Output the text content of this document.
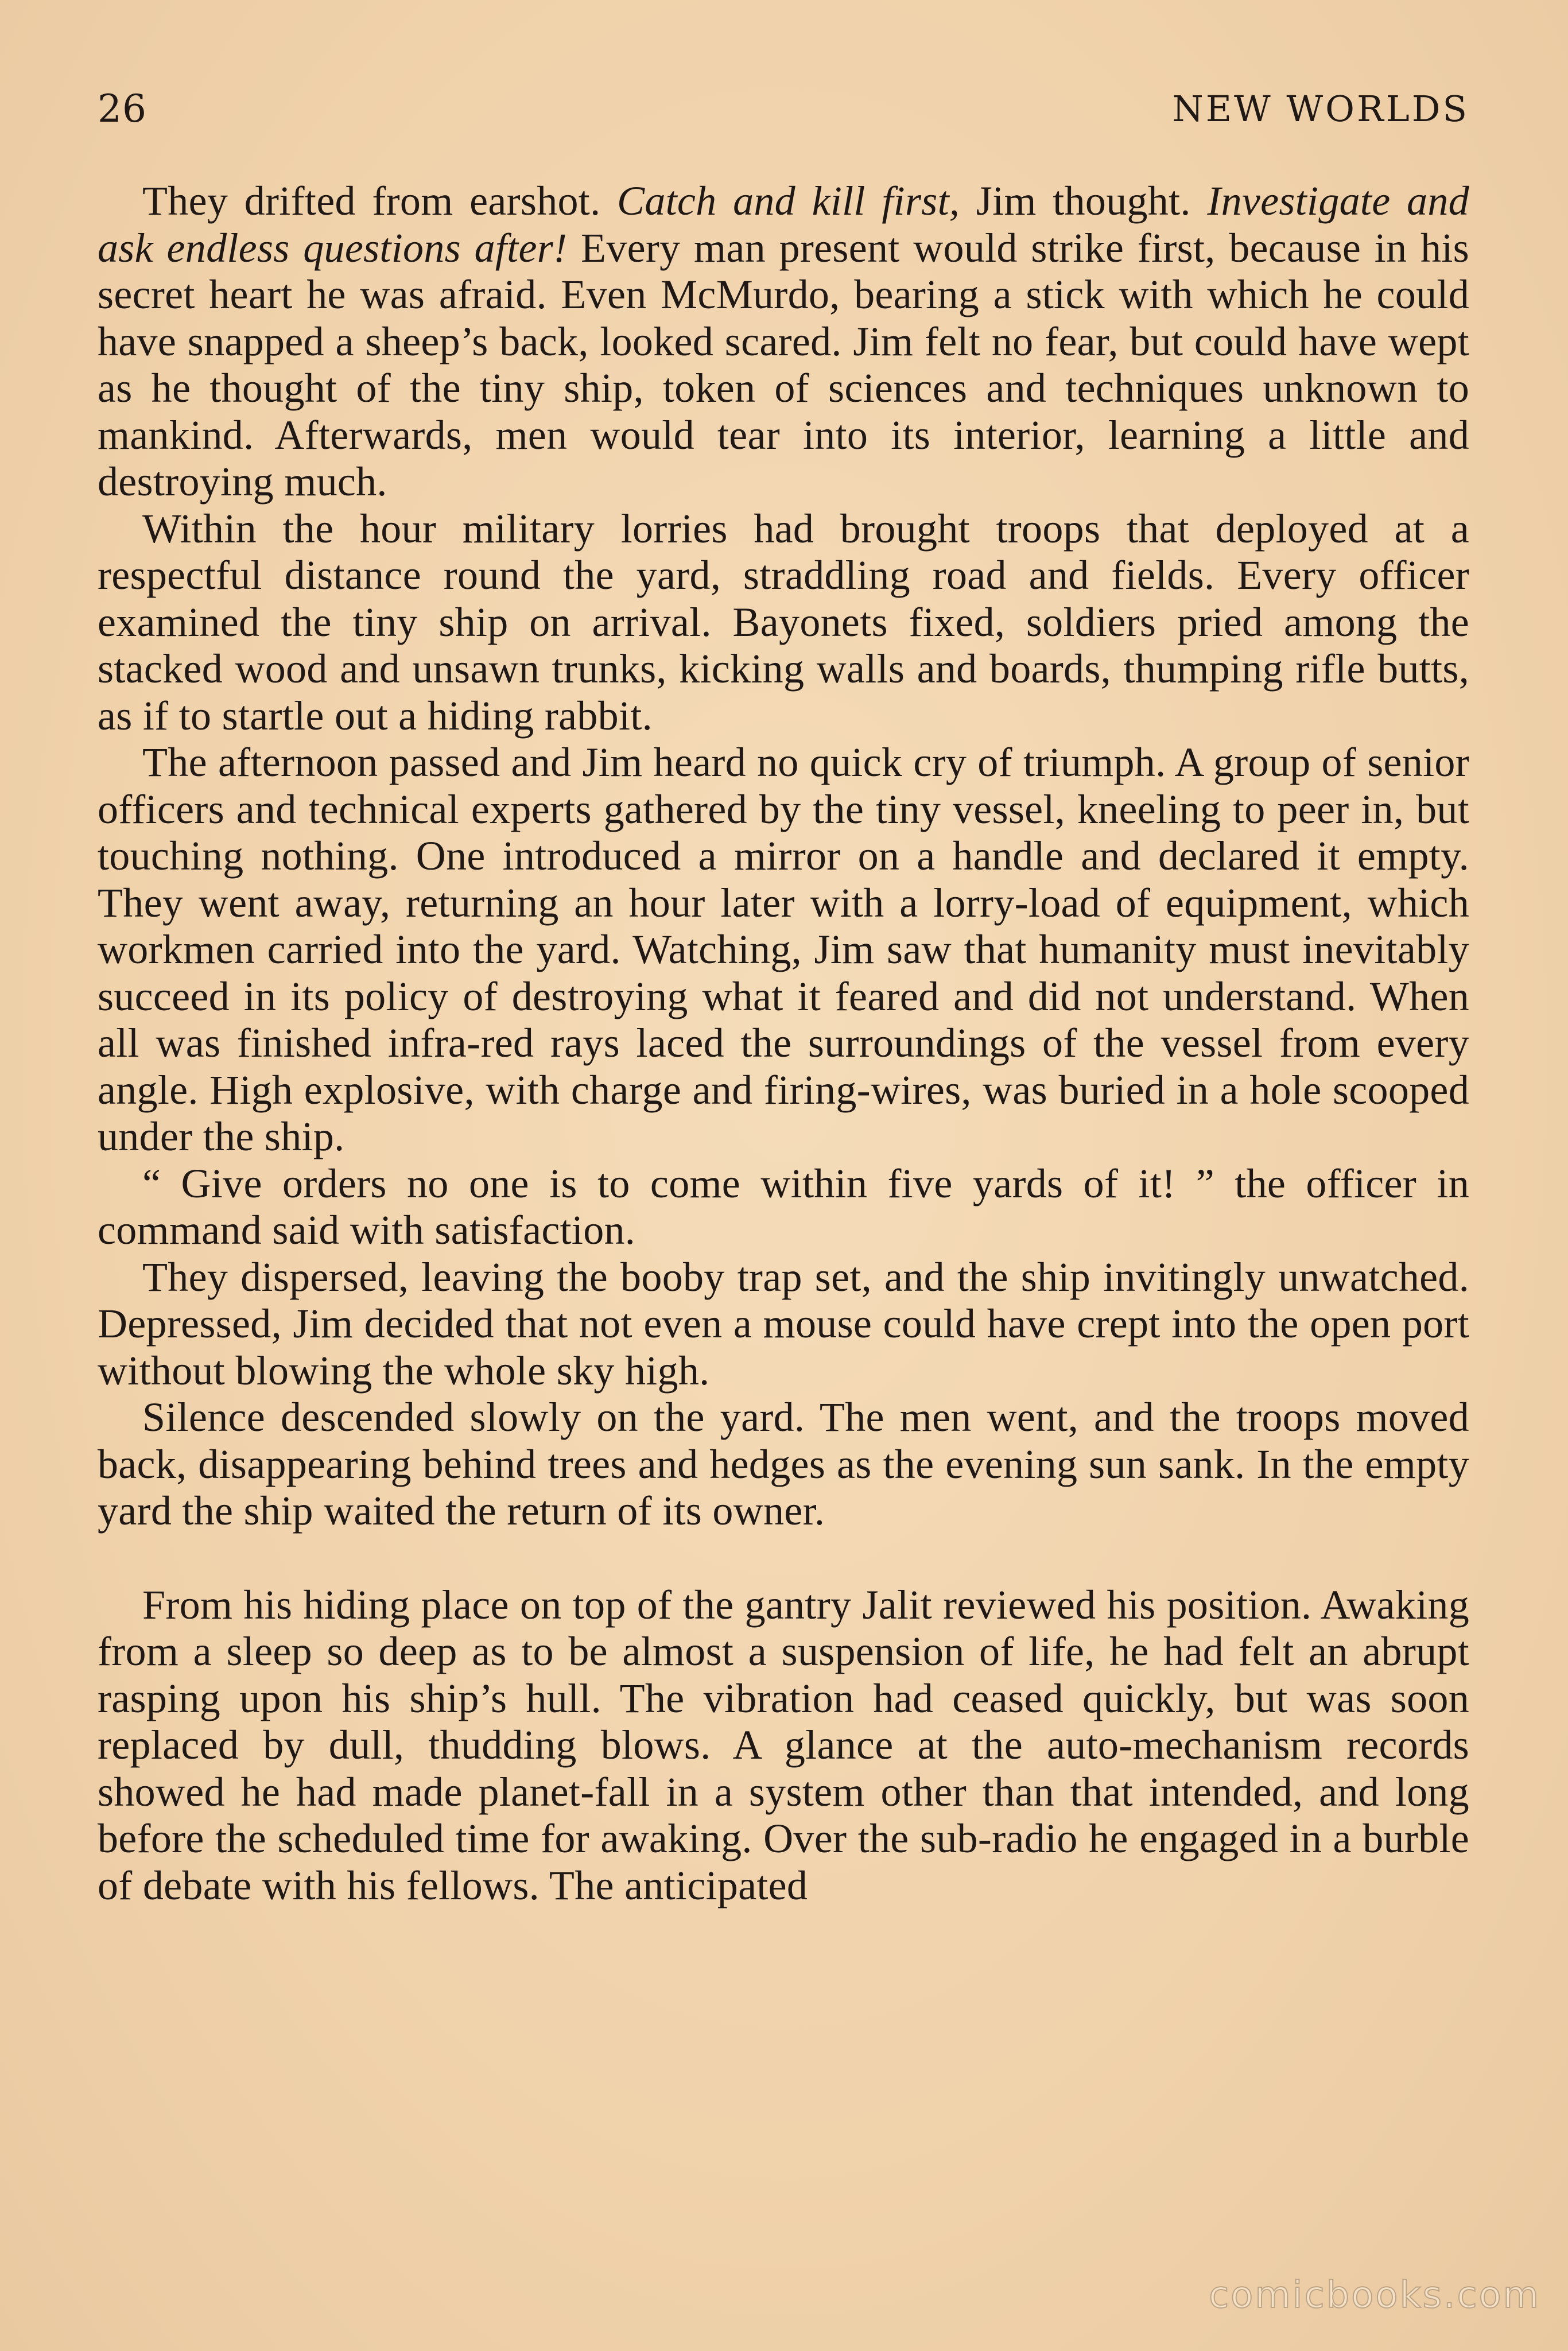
26	NEW WORLDS

They drifted from earshot. Catch and kill first, Jim thought. Investigate and ask endless questions after! Every man present would strike first, because in his secret heart he was afraid. Even McMurdo, bearing a stick with which he could have snapped a sheep’s back, looked scared. Jim felt no fear, but could have wept as he thought of the tiny ship, token of sciences and techniques unknown to mankind. Afterwards, men would tear into its interior, learning a little and destroying much.

Within the hour military lorries had brought troops that deployed at a respectful distance round the yard, straddling road and fields. Every officer examined the tiny ship on arrival. Bayonets fixed, soldiers pried among the stacked wood and unsawn trunks, kicking walls and boards, thumping rifle butts, as if to startle out a hiding rabbit.

The afternoon passed and Jim heard no quick cry of triumph. A group of senior officers and technical experts gathered by the tiny vessel, kneeling to peer in, but touching nothing. One introduced a mirror on a handle and declared it empty. They went away, returning an hour later with a lorry-load of equipment, which workmen carried into the yard. Watching, Jim saw that humanity must inevitably succeed in its policy of destroying what it feared and did not understand. When all was finished infra-red rays laced the surroundings of the vessel from every angle. High explosive, with charge and firing-wires, was buried in a hole scooped under the ship.

“ Give orders no one is to come within five yards of it! ” the officer in command said with satisfaction.

They dispersed, leaving the booby trap set, and the ship invitingly unwatched. Depressed, Jim decided that not even a mouse could have crept into the open port without blowing the whole sky high.

Silence descended slowly on the yard. The men went, and the troops moved back, disappearing behind trees and hedges as the evening sun sank. In the empty yard the ship waited the return of its owner.

From his hiding place on top of the gantry Jalit reviewed his position. Awaking from a sleep so deep as to be almost a suspension of life, he had felt an abrupt rasping upon his ship’s hull. The vibration had ceased quickly, but was soon replaced by dull, thudding blows. A glance at the auto-mechanism records showed he had made planet-fall in a system other than that intended, and long before the scheduled time for awaking. Over the sub-radio he engaged in a burble of debate with his fellows. The anticipated

comicbooks.com
